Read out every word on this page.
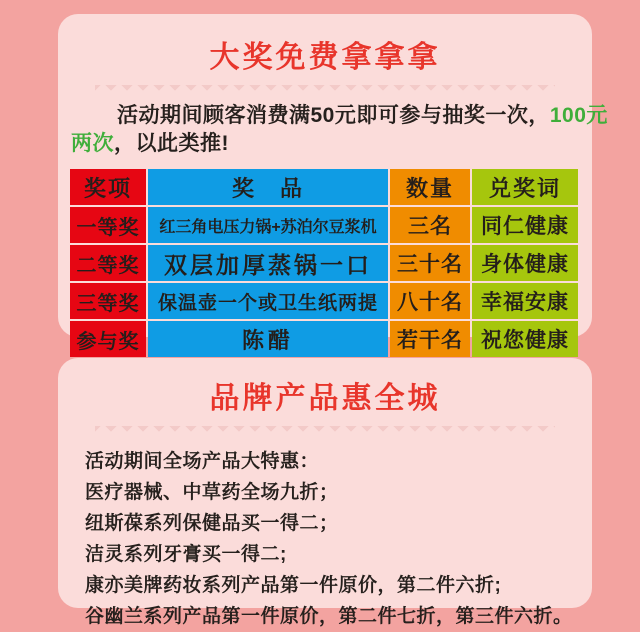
大奖免费拿拿拿
活动期间顾客消费满50元即可参与抽奖一次，100元
两次，以此类推!
奖项	奖　品	数量	兑奖词
一等奖	红三角电压力锅+苏泊尔豆浆机	三名	同仁健康
二等奖	双层加厚蒸锅一口	三十名 身体健康
三等奖 保温壶一个或卫生纸两提 八十名 幸福安康
参与奖	陈醋	若干名 祝您健康
品牌产品惠全城
活动期间全场产品大特惠：
医疗器械、中草药全场九折；
纽斯葆系列保健品买一得二；
洁灵系列牙膏买一得二;
康亦美牌药妆系列产品第一件原价，第二件六折;
谷幽兰系列产品第一件原价，第二件七折，第三件六折。
